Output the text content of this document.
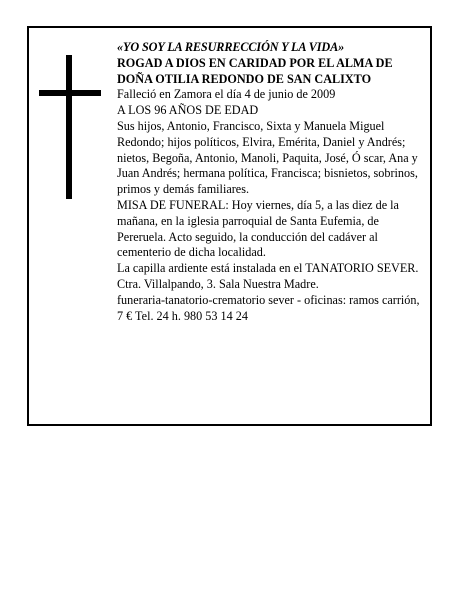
«YO SOY LA RESURRECCIÓN Y LA VIDA»

ROGAD A DIOS EN CARIDAD POR EL ALMA DE DOÑA OTILIA REDONDO DE SAN CALIXTO

Falleció en Zamora el día 4 de junio de 2009

A LOS 96 AÑOS DE EDAD

Sus hijos, Antonio, Francisco, Sixta y Manuela Miguel Redondo; hijos políticos, Elvira, Emérita, Daniel y Andrés; nietos, Begoña, Antonio, Manoli, Paquita, José, Ó scar, Ana y Juan Andrés; hermana política, Francisca; bisnietos, sobrinos, primos y demás familiares.

MISA DE FUNERAL: Hoy viernes, día 5, a las diez de la mañana, en la iglesia parroquial de Santa Eufemia, de Pereruela. Acto seguido, la conducción del cadáver al cementerio de dicha localidad.

La capilla ardiente está instalada en el TANATORIO SEVER. Ctra. Villalpando, 3. Sala Nuestra Madre.

funeraria-tanatorio-crematorio sever - oficinas: ramos carrión, 7 € Tel. 24 h. 980 53 14 24
